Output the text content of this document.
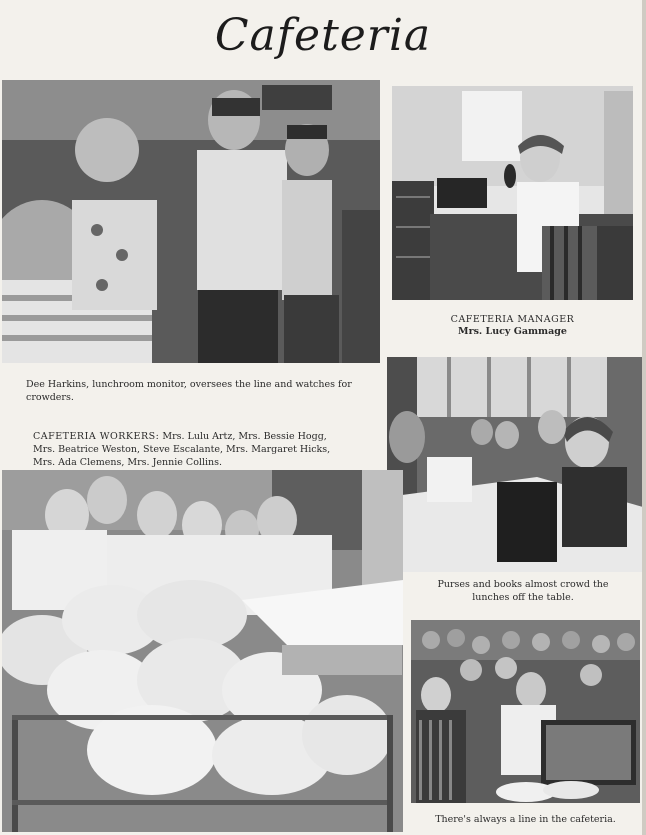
Cafeteria
Dee Harkins, lunchroom monitor, oversees the line and watches for crowders.
CAFETERIA MANAGER
Mrs. Lucy Gammage
CAFETERIA WORKERS: Mrs. Lulu Artz, Mrs. Bessie Hogg, Mrs. Beatrice Weston, Steve Escalante, Mrs. Margaret Hicks, Mrs. Ada Clemens, Mrs. Jennie Collins.
Purses and books almost crowd the lunches off the table.
There's always a line in the cafeteria.
